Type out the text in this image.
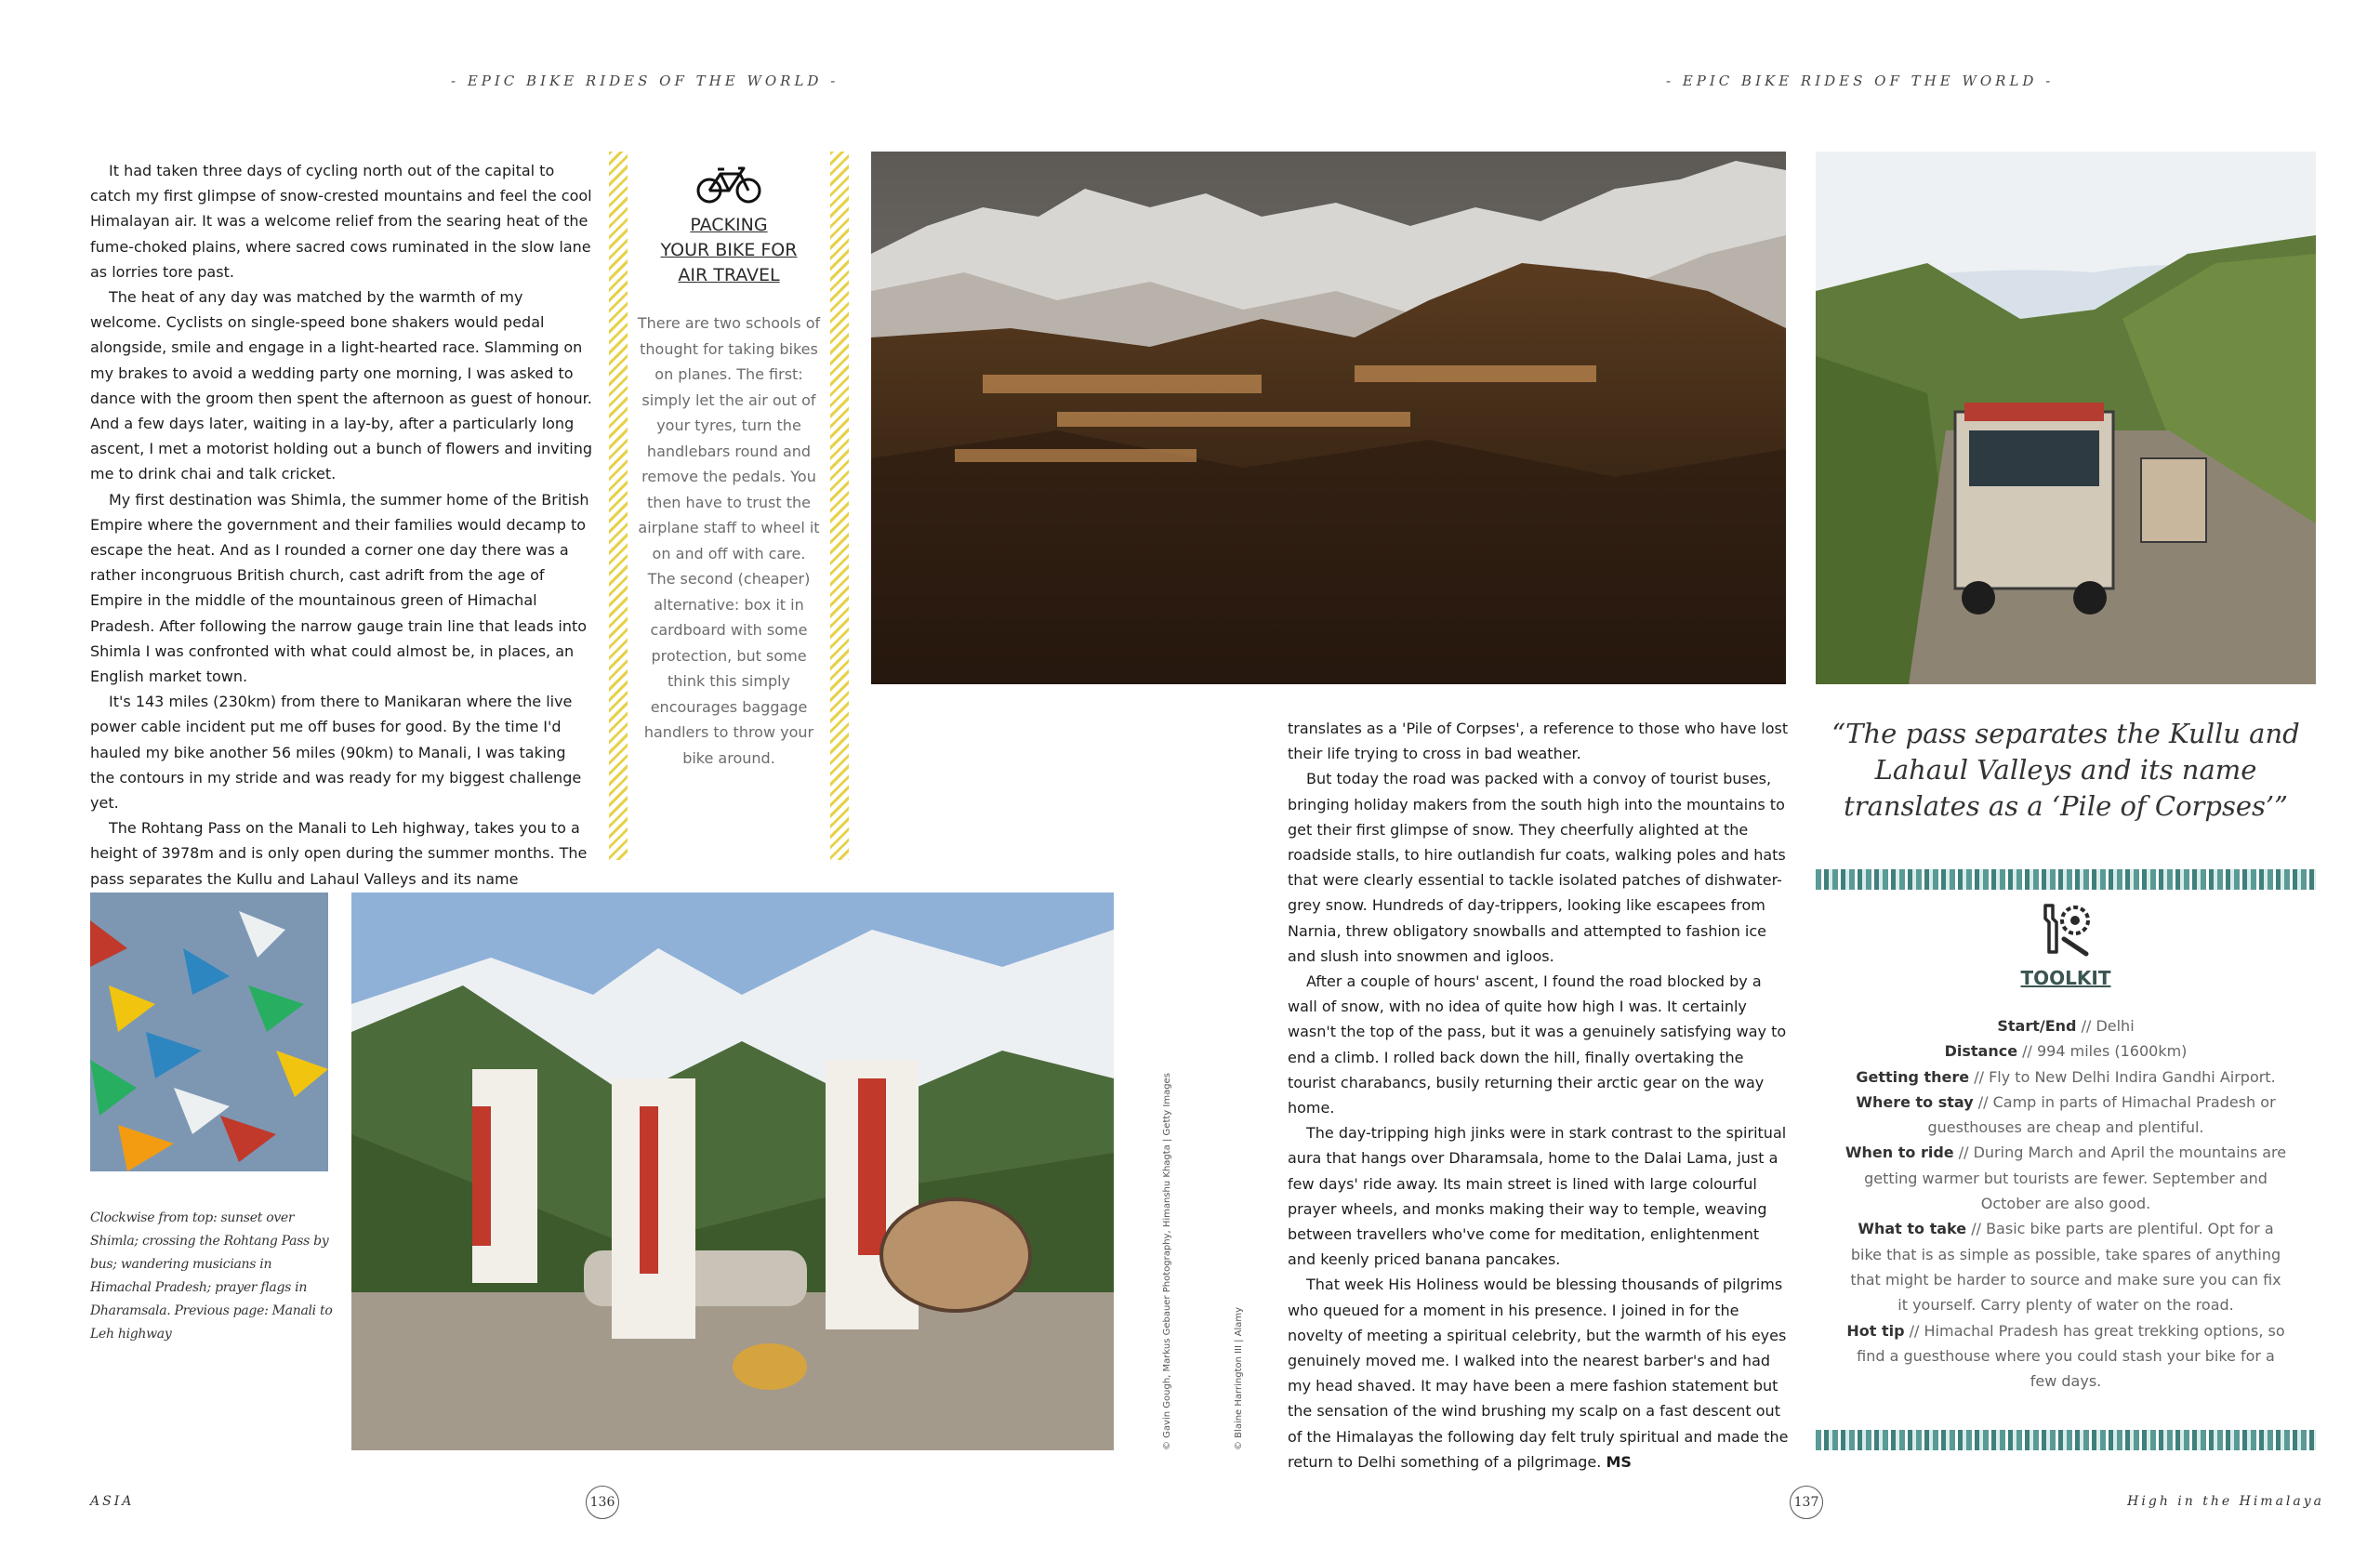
- EPIC BIKE RIDES OF THE WORLD -	- EPIC BIKE RIDES OF THE WORLD -

It had taken three days of cycling north out of the capital to catch my first glimpse of snow-crested mountains and feel the cool Himalayan air. It was a welcome relief from the searing heat of the fume-choked plains, where sacred cows ruminated in the slow lane as lorries tore past.

The heat of any day was matched by the warmth of my welcome. Cyclists on single-speed bone shakers would pedal alongside, smile and engage in a light-hearted race. Slamming on my brakes to avoid a wedding party one morning, I was asked to dance with the groom then spent the afternoon as guest of honour. And a few days later, waiting in a lay-by, after a particularly long ascent, I met a motorist holding out a bunch of flowers and inviting me to drink chai and talk cricket.

My first destination was Shimla, the summer home of the British Empire where the government and their families would decamp to escape the heat. And as I rounded a corner one day there was a rather incongruous British church, cast adrift from the age of Empire in the middle of the mountainous green of Himachal Pradesh. After following the narrow gauge train line that leads into Shimla I was confronted with what could almost be, in places, an English market town.

It's 143 miles (230km) from there to Manikaran where the live power cable incident put me off buses for good. By the time I'd hauled my bike another 56 miles (90km) to Manali, I was taking the contours in my stride and was ready for my biggest challenge yet.

The Rohtang Pass on the Manali to Leh highway, takes you to a height of 3978m and is only open during the summer months. The pass separates the Kullu and Lahaul Valleys and its name

PACKING
YOUR BIKE FOR
AIR TRAVEL
There are two schools of thought for taking bikes on planes. The first: simply let the air out of your tyres, turn the handlebars round and remove the pedals. You then have to trust the airplane staff to wheel it on and off with care. The second (cheaper) alternative: box it in cardboard with some protection, but some think this simply encourages baggage handlers to throw your bike around.
Clockwise from top: sunset over Shimla; crossing the Rohtang Pass by bus; wandering musicians in Himachal Pradesh; prayer flags in Dharamsala. Previous page: Manali to Leh highway	© Gavin Gough, Markus Gebauer Photography, Himanshu Khagta | Getty Images	© Blaine Harrington III | Alamy

translates as a 'Pile of Corpses', a reference to those who have lost their life trying to cross in bad weather.

But today the road was packed with a convoy of tourist buses, bringing holiday makers from the south high into the mountains to get their first glimpse of snow. They cheerfully alighted at the roadside stalls, to hire outlandish fur coats, walking poles and hats that were clearly essential to tackle isolated patches of dishwater-grey snow. Hundreds of day-trippers, looking like escapees from Narnia, threw obligatory snowballs and attempted to fashion ice and slush into snowmen and igloos.

After a couple of hours' ascent, I found the road blocked by a wall of snow, with no idea of quite how high I was. It certainly wasn't the top of the pass, but it was a genuinely satisfying way to end a climb. I rolled back down the hill, finally overtaking the tourist charabancs, busily returning their arctic gear on the way home.

The day-tripping high jinks were in stark contrast to the spiritual aura that hangs over Dharamsala, home to the Dalai Lama, just a few days' ride away. Its main street is lined with large colourful prayer wheels, and monks making their way to temple, weaving between travellers who've come for meditation, enlightenment and keenly priced banana pancakes.

That week His Holiness would be blessing thousands of pilgrims who queued for a moment in his presence. I joined in for the novelty of meeting a spiritual celebrity, but the warmth of his eyes genuinely moved me. I walked into the nearest barber's and had my head shaved. It may have been a mere fashion statement but the sensation of the wind brushing my scalp on a fast descent out of the Himalayas the following day felt truly spiritual and made the return to Delhi something of a pilgrimage. MS

“The pass separates the Kullu and Lahaul Valleys and its name translates as a ‘Pile of Corpses’”
TOOLKIT
Start/End // Delhi
Distance // 994 miles (1600km)
Getting there // Fly to New Delhi Indira Gandhi Airport.
Where to stay // Camp in parts of Himachal Pradesh or guesthouses are cheap and plentiful.
When to ride // During March and April the mountains are getting warmer but tourists are fewer. September and October are also good.
What to take // Basic bike parts are plentiful. Opt for a bike that is as simple as possible, take spares of anything that might be harder to source and make sure you can fix it yourself. Carry plenty of water on the road.
Hot tip // Himachal Pradesh has great trekking options, so find a guesthouse where you could stash your bike for a few days.
ASIA	136	137	High in the Himalaya
